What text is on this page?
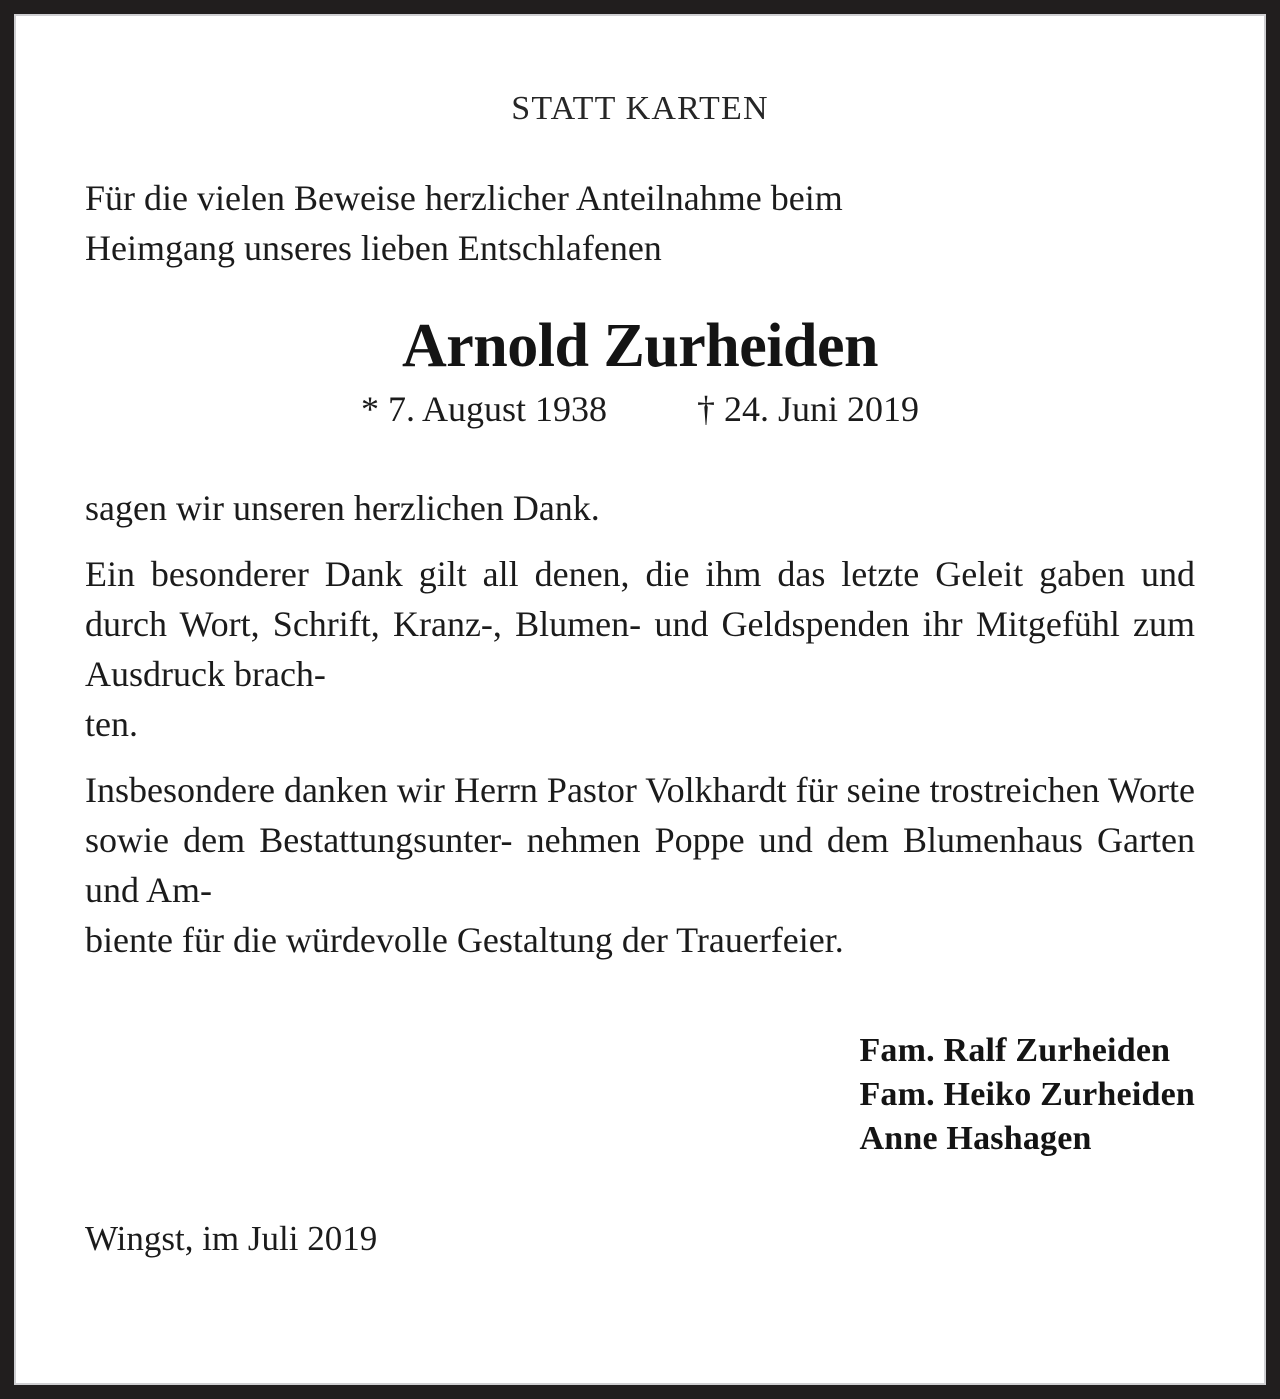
STATT KARTEN
Für die vielen Beweise herzlicher Anteilnahme beim
Heimgang unseres lieben Entschlafenen
Arnold Zurheiden
* 7. August 1938	† 24. Juni 2019
sagen wir unseren herzlichen Dank.
Ein besonderer Dank gilt all denen, die ihm das letzte Geleit gaben und durch Wort, Schrift, Kranz-, Blumen- und Geldspenden ihr Mitgefühl zum Ausdruck brach-
ten.
Insbesondere danken wir Herrn Pastor Volkhardt für seine trostreichen Worte sowie dem Bestattungsunter- nehmen Poppe und dem Blumenhaus Garten und Am-
biente für die würdevolle Gestaltung der Trauerfeier.
Fam. Ralf Zurheiden
Fam. Heiko Zurheiden
Anne Hashagen
Wingst, im Juli 2019
